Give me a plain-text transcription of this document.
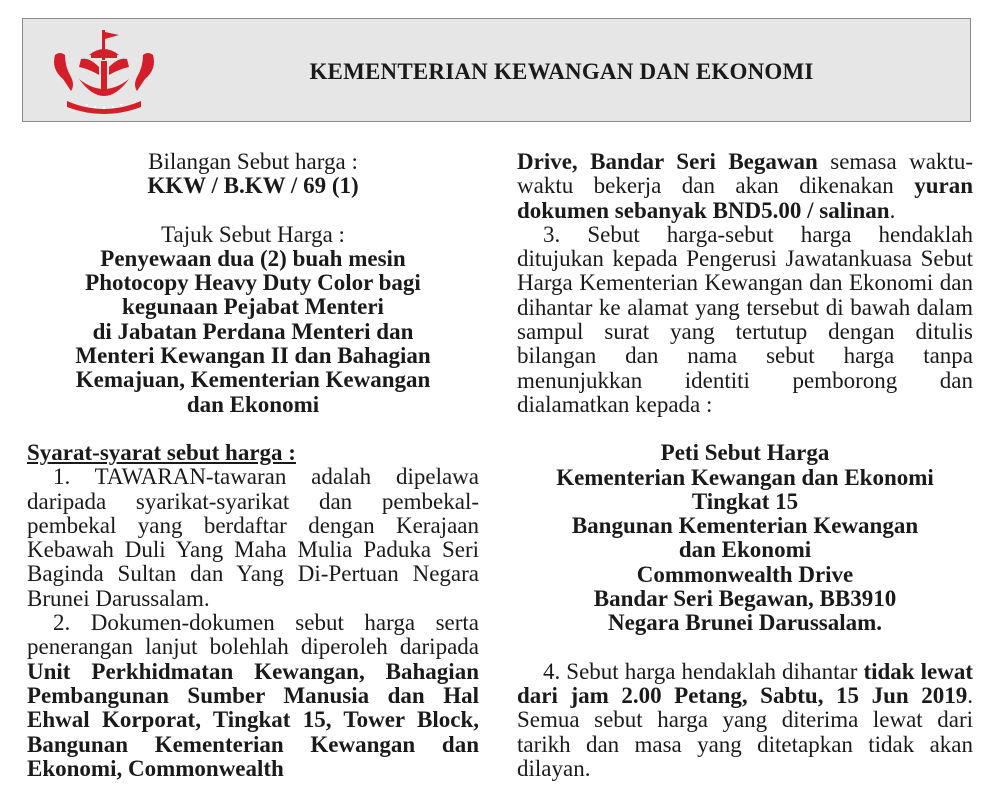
KEMENTERIAN KEWANGAN DAN EKONOMI
Bilangan Sebut harga :
KKW / B.KW / 69 (1)
Tajuk Sebut Harga :
Penyewaan dua (2) buah mesin
Photocopy Heavy Duty Color bagi
kegunaan Pejabat Menteri
di Jabatan Perdana Menteri dan
Menteri Kewangan II dan Bahagian
Kemajuan, Kementerian Kewangan
dan Ekonomi
Syarat-syarat sebut harga :

1. TAWARAN-tawaran adalah dipelawa daripada syarikat-syarikat dan pembekal-pembekal yang berdaftar dengan Kerajaan Kebawah Duli Yang Maha Mulia Paduka Seri Baginda Sultan dan Yang Di-Pertuan Negara Brunei Darussalam.

2. Dokumen-dokumen sebut harga serta penerangan lanjut bolehlah diperoleh daripada Unit Perkhidmatan Kewangan, Bahagian Pembangunan Sumber Manusia dan Hal Ehwal Korporat, Tingkat 15, Tower Block, Bangunan Kementerian Kewangan dan Ekonomi, Commonwealth

Drive, Bandar Seri Begawan semasa waktu-waktu bekerja dan akan dikenakan yuran dokumen sebanyak BND5.00 / salinan.

3. Sebut harga-sebut harga hendaklah ditujukan kepada Pengerusi Jawatankuasa Sebut Harga Kementerian Kewangan dan Ekonomi dan dihantar ke alamat yang tersebut di bawah dalam sampul surat yang tertutup dengan ditulis bilangan dan nama sebut harga tanpa menunjukkan identiti pemborong dan dialamatkan kepada :

Peti Sebut Harga
Kementerian Kewangan dan Ekonomi
Tingkat 15
Bangunan Kementerian Kewangan
dan Ekonomi
Commonwealth Drive
Bandar Seri Begawan, BB3910
Negara Brunei Darussalam.

4. Sebut harga hendaklah dihantar tidak lewat dari jam 2.00 Petang, Sabtu, 15 Jun 2019. Semua sebut harga yang diterima lewat dari tarikh dan masa yang ditetapkan tidak akan dilayan.
